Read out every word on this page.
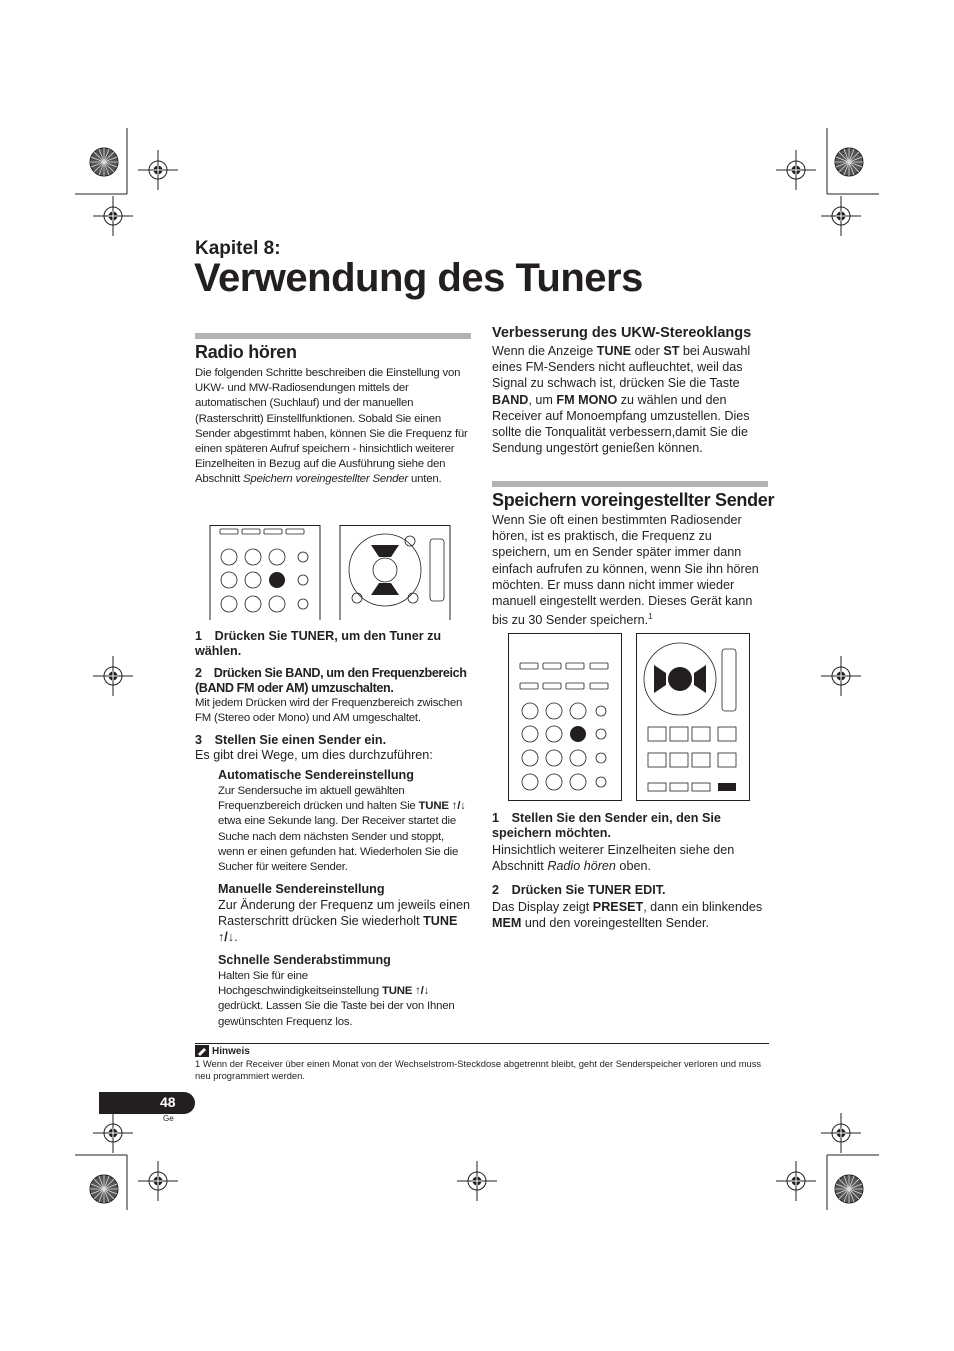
Kapitel 8:
Verwendung des Tuners
Radio hören

Die folgenden Schritte beschreiben die Einstellung von UKW- und MW-Radiosendungen mittels der automatischen (Suchlauf) und der manuellen (Rasterschritt) Einstellfunktionen. Sobald Sie einen Sender abgestimmt haben, können Sie die Frequenz für einen späteren Aufruf speichern - hinsichtlich weiterer Einzelheiten in Bezug auf die Ausführung siehe den Abschnitt Speichern voreingestellter Sender unten.

1 Drücken Sie TUNER, um den Tuner zu wählen.

2 Drücken Sie BAND, um den Frequenzbereich (BAND FM oder AM) umzuschalten.

Mit jedem Drücken wird der Frequenzbereich zwischen FM (Stereo oder Mono) und AM umgeschaltet.

3 Stellen Sie einen Sender ein.

Es gibt drei Wege, um dies durchzuführen:

Automatische Sendereinstellung

Zur Sendersuche im aktuell gewählten Frequenzbereich drücken und halten Sie TUNE ↑/↓ etwa eine Sekunde lang. Der Receiver startet die Suche nach dem nächsten Sender und stoppt, wenn er einen gefunden hat. Wiederholen Sie die Sucher für weitere Sender.

Manuelle Sendereinstellung

Zur Änderung der Frequenz um jeweils einen Rasterschritt drücken Sie wiederholt TUNE ↑/↓.

Schnelle Senderabstimmung

Halten Sie für eine Hochgeschwindigkeitseinstellung TUNE ↑/↓ gedrückt. Lassen Sie die Taste bei der von Ihnen gewünschten Frequenz los.

Verbesserung des UKW-Stereoklangs

Wenn die Anzeige TUNE oder ST bei Auswahl eines FM-Senders nicht aufleuchtet, weil das Signal zu schwach ist, drücken Sie die Taste BAND, um FM MONO zu wählen und den Receiver auf Monoempfang umzustellen. Dies sollte die Tonqualität verbessern,damit Sie die Sendung ungestört genießen können.

Speichern voreingestellter Sender

Wenn Sie oft einen bestimmten Radiosender hören, ist es praktisch, die Frequenz zu speichern, um en Sender später immer dann einfach aufrufen zu können, wenn Sie ihn hören möchten. Er muss dann nicht immer wieder manuell eingestellt werden. Dieses Gerät kann bis zu 30 Sender speichern.$^1$

1 Stellen Sie den Sender ein, den Sie speichern möchten.

Hinsichtlich weiterer Einzelheiten siehe den Abschnitt Radio hören oben.

2 Drücken Sie TUNER EDIT.

Das Display zeigt PRESET, dann ein blinkendes MEM und den voreingestellten Sender.

Hinweis
1 Wenn der Receiver über einen Monat von der Wechselstrom-Steckdose abgetrennt bleibt, geht der Senderspeicher verloren und muss neu programmiert werden.
48
Ge
